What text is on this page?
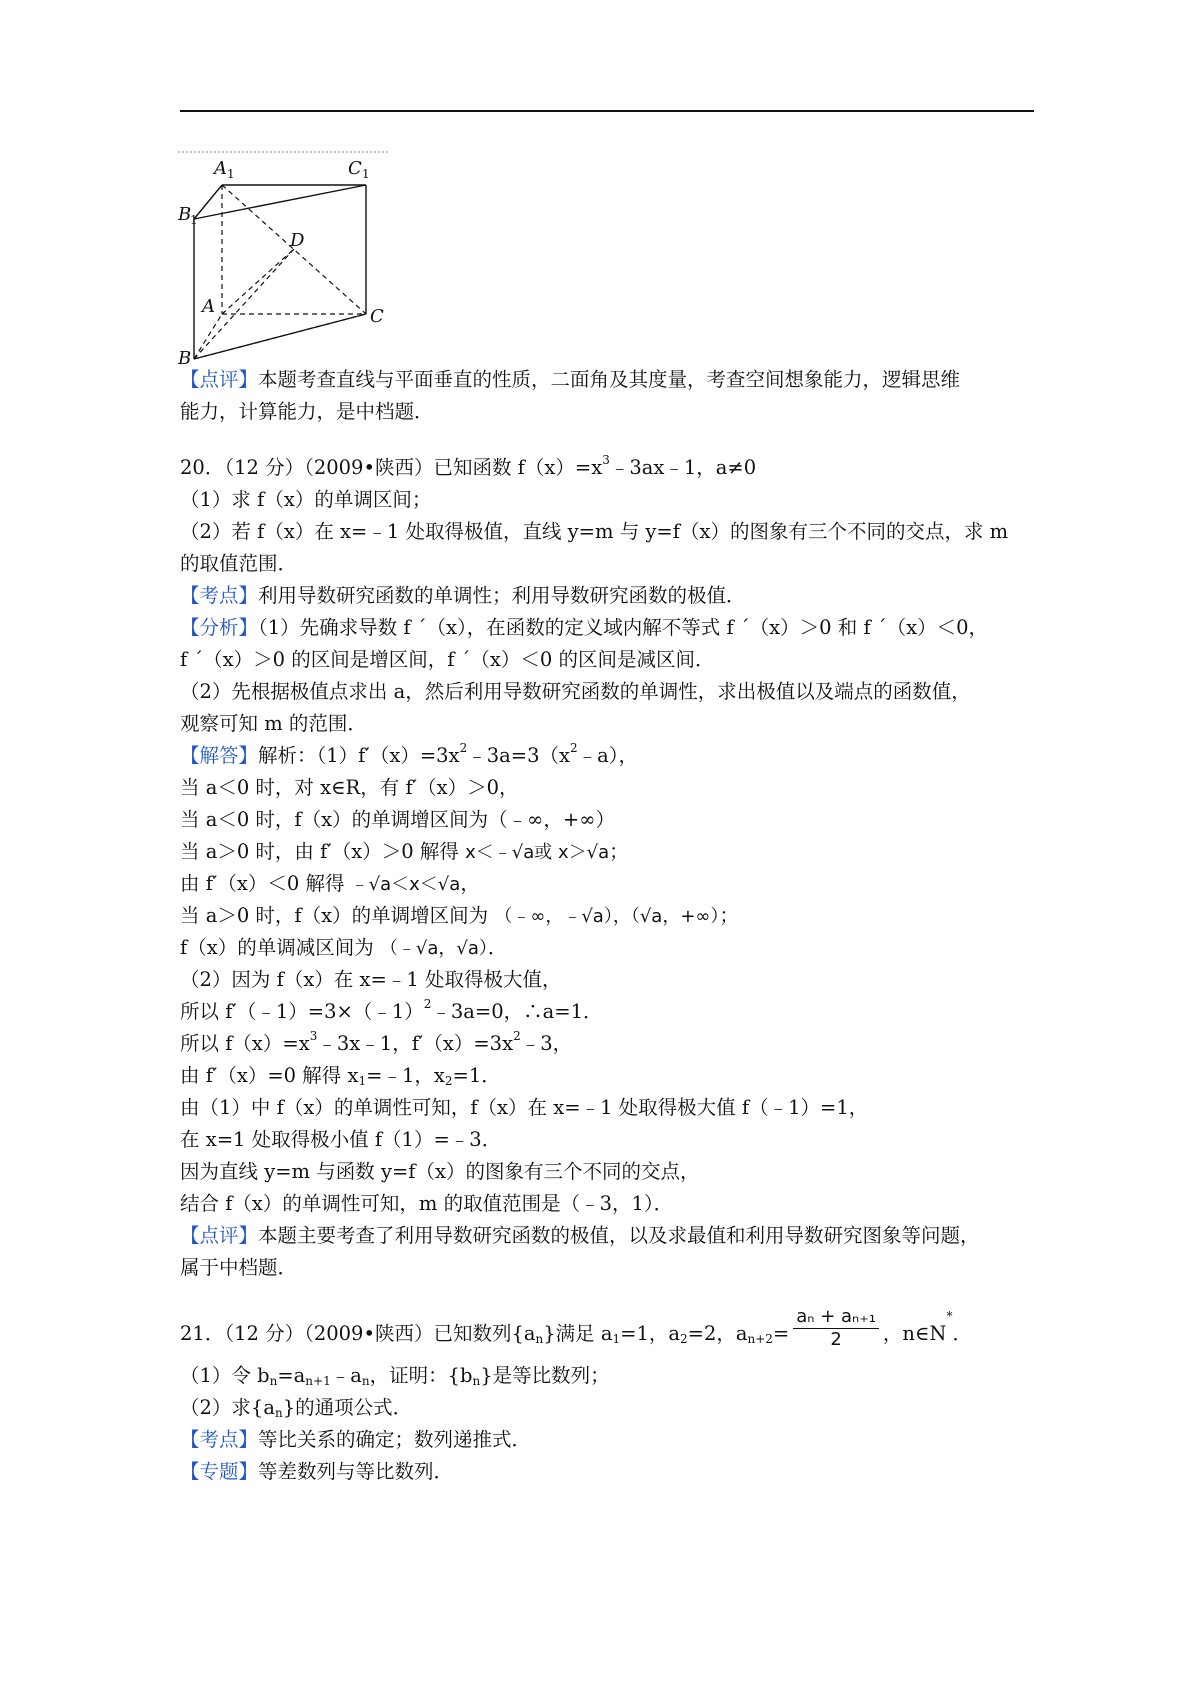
A 1	C 1
B
1
D
A	C
B
【点评】本题考查直线与平面垂直的性质，二面角及其度量，考查空间想象能力，逻辑思维
能力，计算能力，是中档题．
20．（12 分）（2009•陕西）已知函数 $f(x)=x^3﹣3ax﹣1$，a≠0
（1）求 f（x）的单调区间；
（2）若 f（x）在 x=﹣1 处取得极值，直线 y=m 与 y=f（x）的图象有三个不同的交点，求 m
的取值范围．
【考点】利用导数研究函数的单调性；利用导数研究函数的极值．
【分析】（1）先确求导数 f ˊ（x），在函数的定义域内解不等式 f ˊ（x）＞0 和 f ˊ（x）＜0，
f ˊ（x）＞0 的区间是增区间，f ˊ（x）＜0 的区间是减区间．
（2）先根据极值点求出 a，然后利用导数研究函数的单调性，求出极值以及端点的函数值，
观察可知 m 的范围．
【解答】解析：$(1)f'(x)=3x^2﹣3a=3(x^2﹣a)$，
当 a＜0 时，对 x∈R，有 f′（x）＞0，
当 a＜0 时，f（x）的单调增区间为（﹣∞，+∞）
当 a＞0 时，由 f′（x）＞0 解得 x＜﹣√a或 x＞√a；
由 f′（x）＜0 解得 ﹣√a＜x＜√a，
当 a＞0 时，f（x）的单调增区间为 （﹣∞，﹣√a），（√a，+∞）；
f（x）的单调减区间为 （﹣√a，√a）．
（2）因为 f（x）在 x=﹣1 处取得极大值，
所以 f′（﹣1）=3×（﹣1）$^2$﹣3a=0，∴a=1．
所以 $f(x)=x^3﹣3x﹣1$，$f'(x)=3x^2﹣3$，
由 f′（x）=0 解得 $x_1=﹣1$，$x_2=1$．
由（1）中 f（x）的单调性可知，f（x）在 x=﹣1 处取得极大值 f（﹣1）=1，
在 x=1 处取得极小值 f（1）=﹣3．
因为直线 y=m 与函数 y=f（x）的图象有三个不同的交点，
结合 f（x）的单调性可知，m 的取值范围是（﹣3，1）．
【点评】本题主要考查了利用导数研究函数的极值，以及求最值和利用导数研究图象等问题，
属于中档题．
21．（12 分）（2009•陕西）已知数列$\{a_n\}$满足 $a_1=1$，$a_2=2$，$a_{n+2}= \frac{\text{aₙ + aₙ₊₁}}{2}$ ，n∈N*．
（1）令 $b_n=a_{n+1}﹣a_n$，证明：$\{b_n\}$是等比数列；
（2）求$\{a_n\}$的通项公式．
【考点】等比关系的确定；数列递推式．
【专题】等差数列与等比数列．
